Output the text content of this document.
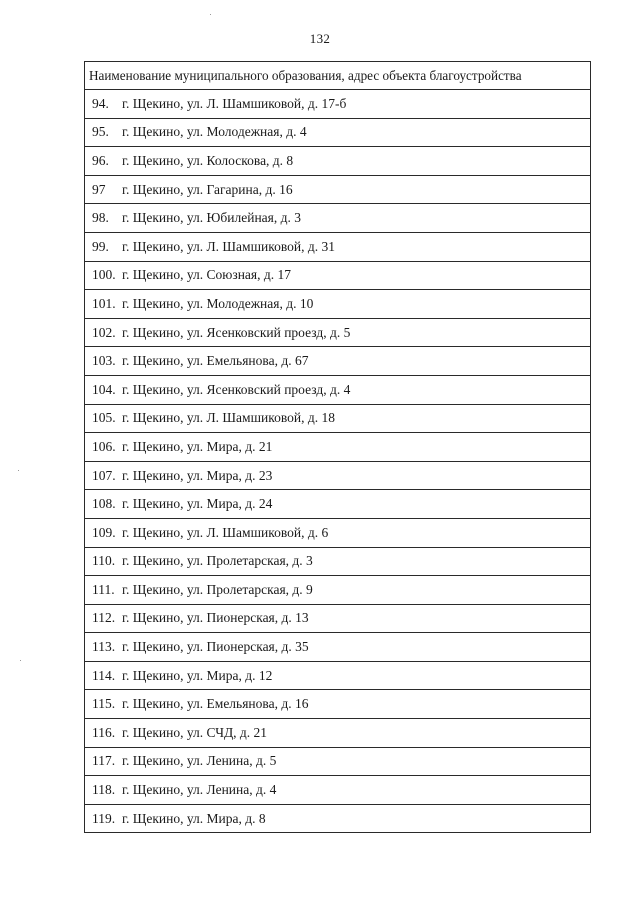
132
Наименование муниципального образования, адрес объекта благоустройства
94. г. Щекино, ул. Л. Шамшиковой, д. 17-б
95. г. Щекино, ул. Молодежная, д. 4
96. г. Щекино, ул. Колоскова, д. 8
97 г. Щекино, ул. Гагарина, д. 16
98. г. Щекино, ул. Юбилейная, д. 3
99. г. Щекино, ул. Л. Шамшиковой, д. 31
100. г. Щекино, ул. Союзная, д. 17
101. г. Щекино, ул. Молодежная, д. 10
102. г. Щекино, ул. Ясенковский проезд, д. 5
103. г. Щекино, ул. Емельянова, д. 67
104. г. Щекино, ул. Ясенковский проезд, д. 4
105. г. Щекино, ул. Л. Шамшиковой, д. 18
106. г. Щекино, ул. Мира, д. 21
107. г. Щекино, ул. Мира, д. 23
108. г. Щекино, ул. Мира, д. 24
109. г. Щекино, ул. Л. Шамшиковой, д. 6
110. г. Щекино, ул. Пролетарская, д. 3
111. г. Щекино, ул. Пролетарская, д. 9
112. г. Щекино, ул. Пионерская, д. 13
113. г. Щекино, ул. Пионерская, д. 35
114. г. Щекино, ул. Мира, д. 12
115. г. Щекино, ул. Емельянова, д. 16
116. г. Щекино, ул. СЧД, д. 21
117. г. Щекино, ул. Ленина, д. 5
118. г. Щекино, ул. Ленина, д. 4
119. г. Щекино, ул. Мира, д. 8
